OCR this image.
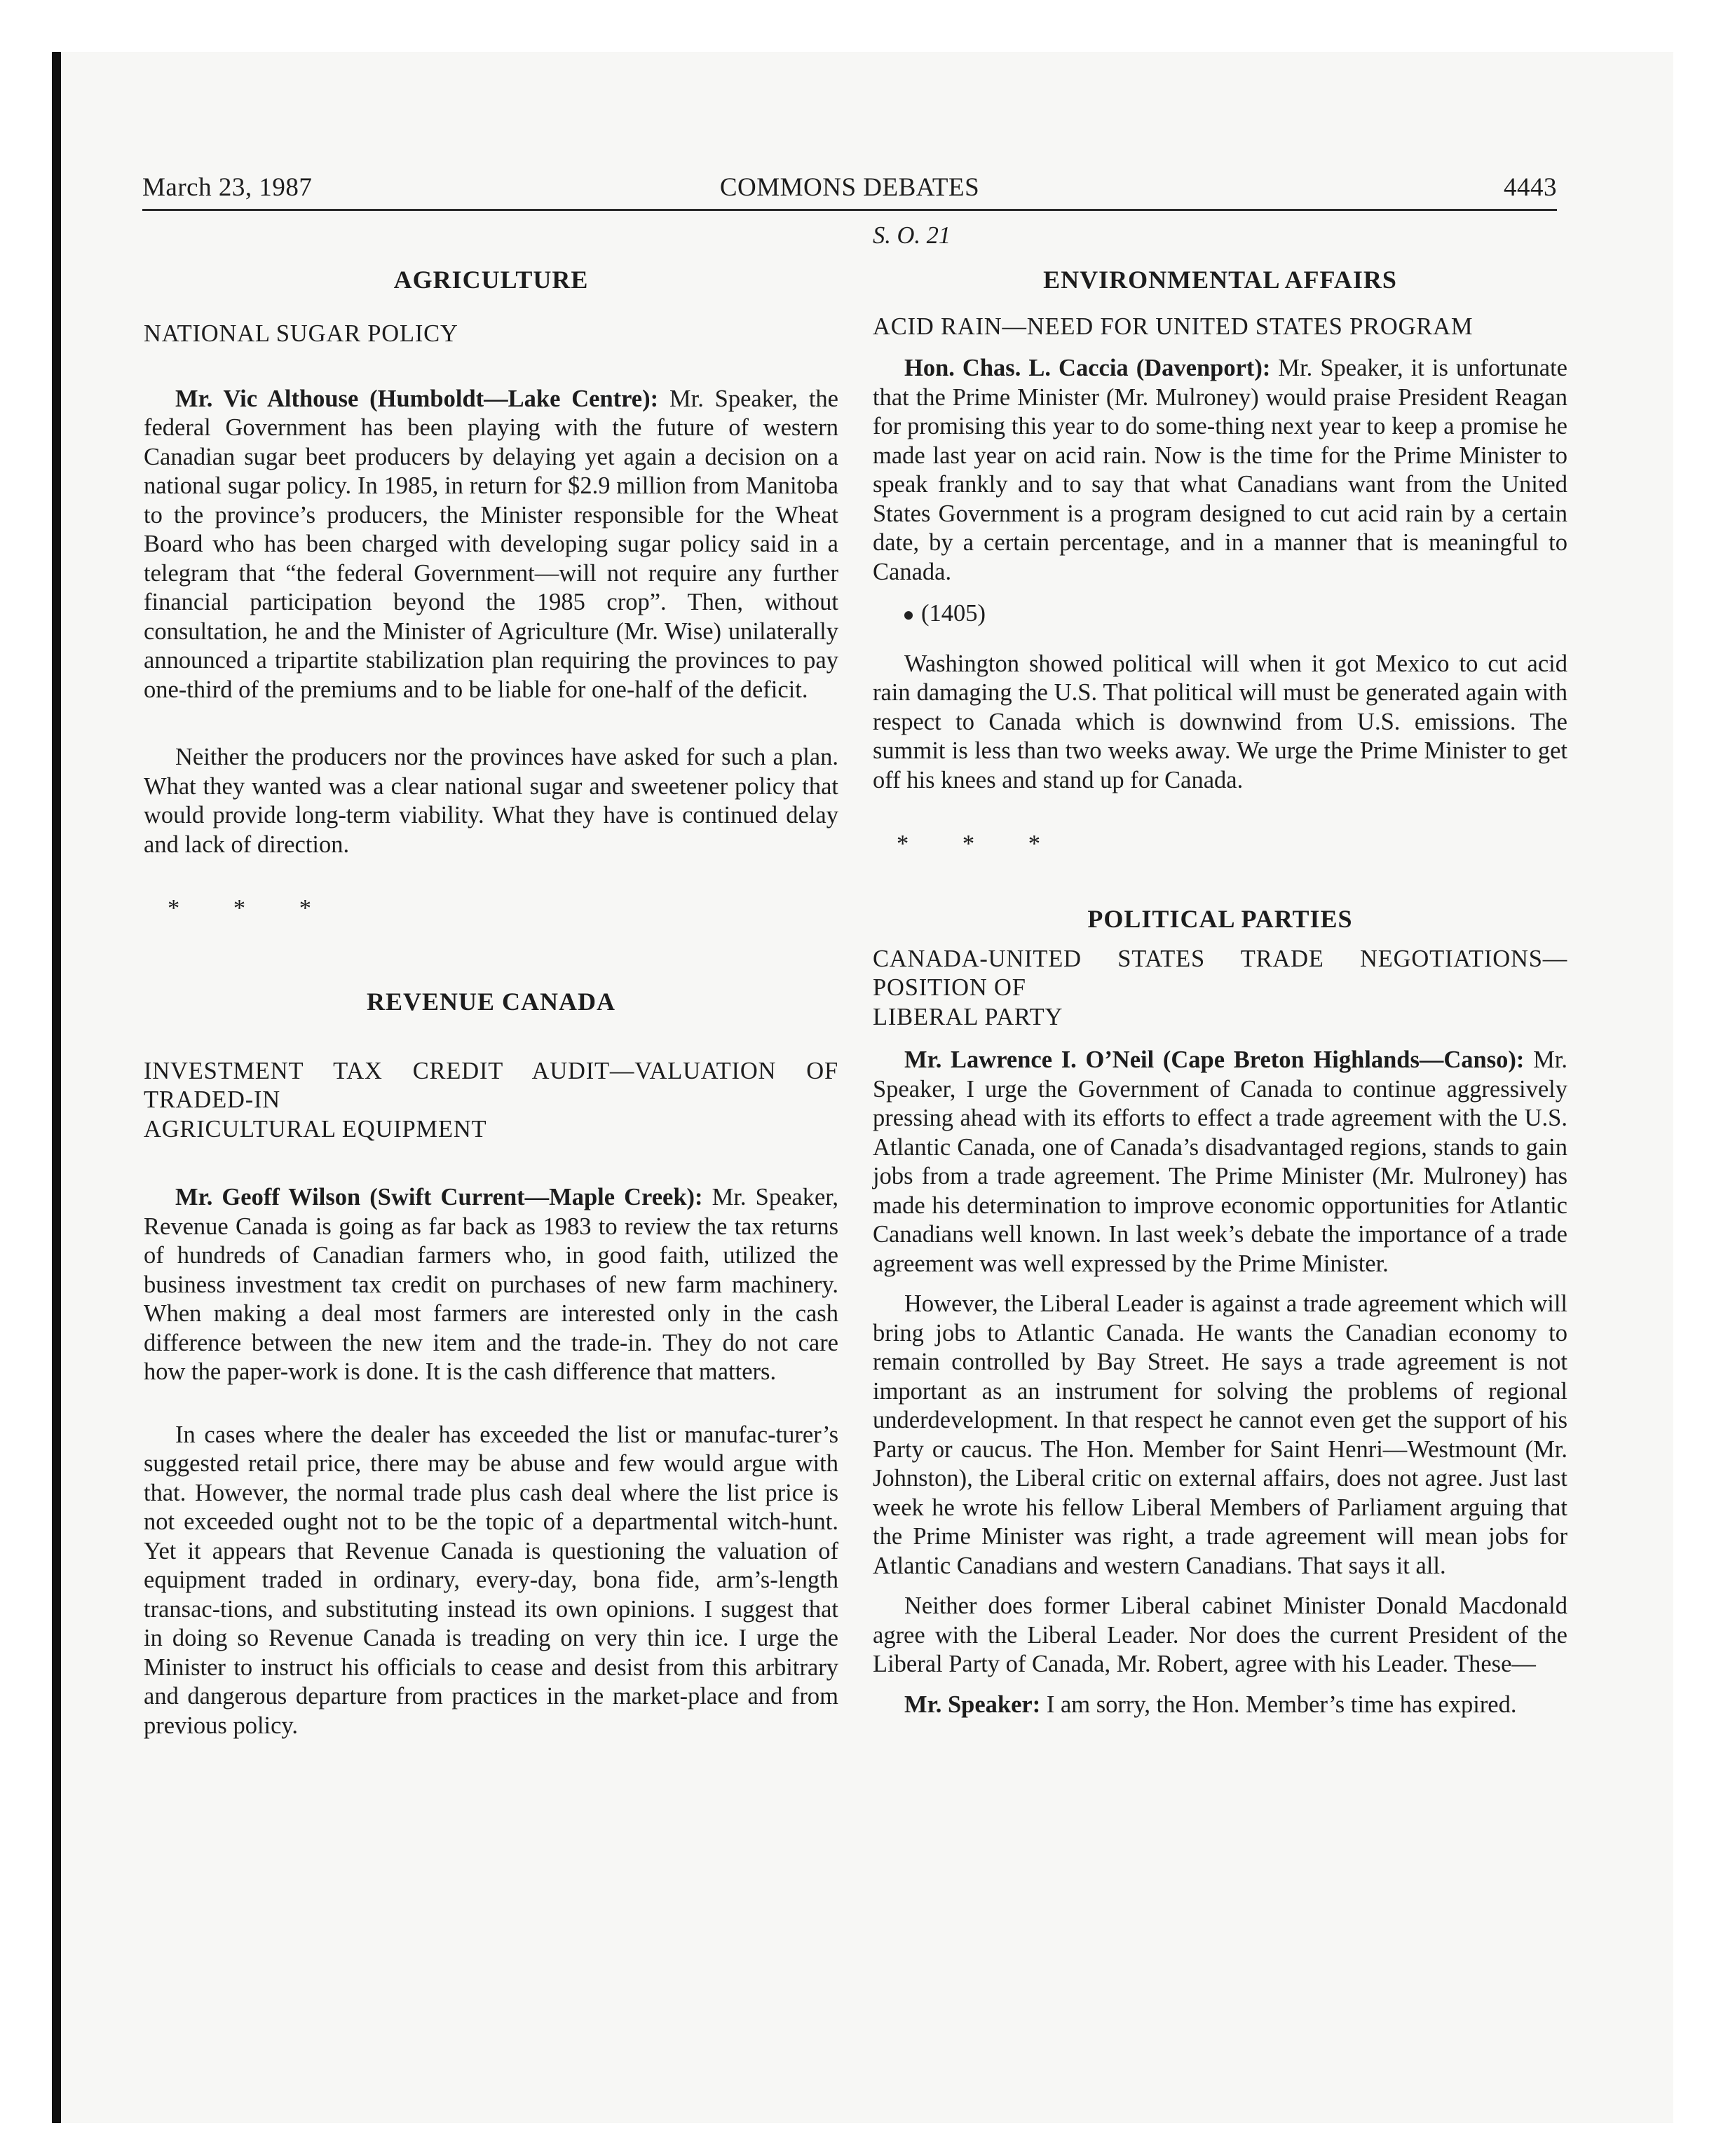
March 23, 1987	COMMONS DEBATES	4443
AGRICULTURE

NATIONAL SUGAR POLICY

Mr. Vic Althouse (Humboldt—Lake Centre): Mr. Speaker, the federal Government has been playing with the future of western Canadian sugar beet producers by delaying yet again a decision on a national sugar policy. In 1985, in return for $2.9 million from Manitoba to the province’s producers, the Minister responsible for the Wheat Board who has been charged with developing sugar policy said in a telegram that “the federal Government—will not require any further financial participation beyond the 1985 crop”. Then, without consultation, he and the Minister of Agriculture (Mr. Wise) unilaterally announced a tripartite stabilization plan requiring the provinces to pay one-third of the premiums and to be liable for one-half of the deficit.

Neither the producers nor the provinces have asked for such a plan. What they wanted was a clear national sugar and sweetener policy that would provide long-term viability. What they have is continued delay and lack of direction.

* * *

REVENUE CANADA

INVESTMENT TAX CREDIT AUDIT—VALUATION OF TRADED-IN

AGRICULTURAL EQUIPMENT

Mr. Geoff Wilson (Swift Current—Maple Creek): Mr. Speaker, Revenue Canada is going as far back as 1983 to review the tax returns of hundreds of Canadian farmers who, in good faith, utilized the business investment tax credit on purchases of new farm machinery. When making a deal most farmers are interested only in the cash difference between the new item and the trade-in. They do not care how the paper-work is done. It is the cash difference that matters.

In cases where the dealer has exceeded the list or manufac-turer’s suggested retail price, there may be abuse and few would argue with that. However, the normal trade plus cash deal where the list price is not exceeded ought not to be the topic of a departmental witch-hunt. Yet it appears that Revenue Canada is questioning the valuation of equipment traded in ordinary, every-day, bona fide, arm’s-length transac-tions, and substituting instead its own opinions. I suggest that in doing so Revenue Canada is treading on very thin ice. I urge the Minister to instruct his officials to cease and desist from this arbitrary and dangerous departure from practices in the market-place and from previous policy.

S. O. 21

ENVIRONMENTAL AFFAIRS

ACID RAIN—NEED FOR UNITED STATES PROGRAM

Hon. Chas. L. Caccia (Davenport): Mr. Speaker, it is unfortunate that the Prime Minister (Mr. Mulroney) would praise President Reagan for promising this year to do some-thing next year to keep a promise he made last year on acid rain. Now is the time for the Prime Minister to speak frankly and to say that what Canadians want from the United States Government is a program designed to cut acid rain by a certain date, by a certain percentage, and in a manner that is meaningful to Canada.

(1405)

Washington showed political will when it got Mexico to cut acid rain damaging the U.S. That political will must be generated again with respect to Canada which is downwind from U.S. emissions. The summit is less than two weeks away. We urge the Prime Minister to get off his knees and stand up for Canada.

* * *

POLITICAL PARTIES

CANADA-UNITED STATES TRADE NEGOTIATIONS—POSITION OF

LIBERAL PARTY

Mr. Lawrence I. O’Neil (Cape Breton Highlands—Canso): Mr. Speaker, I urge the Government of Canada to continue aggressively pressing ahead with its efforts to effect a trade agreement with the U.S. Atlantic Canada, one of Canada’s disadvantaged regions, stands to gain jobs from a trade agreement. The Prime Minister (Mr. Mulroney) has made his determination to improve economic opportunities for Atlantic Canadians well known. In last week’s debate the importance of a trade agreement was well expressed by the Prime Minister.

However, the Liberal Leader is against a trade agreement which will bring jobs to Atlantic Canada. He wants the Canadian economy to remain controlled by Bay Street. He says a trade agreement is not important as an instrument for solving the problems of regional underdevelopment. In that respect he cannot even get the support of his Party or caucus. The Hon. Member for Saint Henri—Westmount (Mr. Johnston), the Liberal critic on external affairs, does not agree. Just last week he wrote his fellow Liberal Members of Parliament arguing that the Prime Minister was right, a trade agreement will mean jobs for Atlantic Canadians and western Canadians. That says it all.

Neither does former Liberal cabinet Minister Donald Macdonald agree with the Liberal Leader. Nor does the current President of the Liberal Party of Canada, Mr. Robert, agree with his Leader. These—

Mr. Speaker: I am sorry, the Hon. Member’s time has expired.
